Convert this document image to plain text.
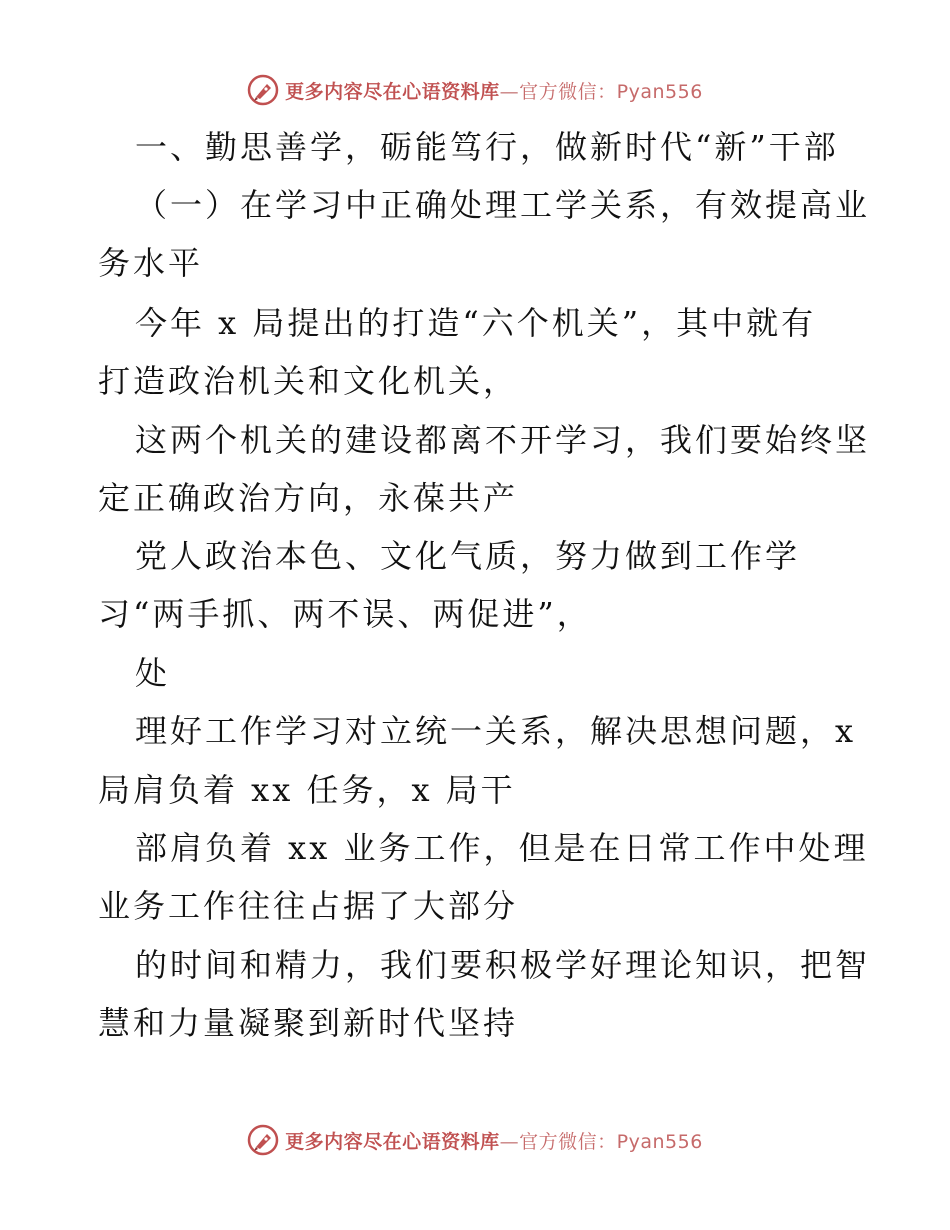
更多内容尽在心语资料库—官方微信：Pyan556
一、勤思善学，砺能笃行，做新时代“新”干部
（一）在学习中正确处理工学关系，有效提高业
务水平
今年 x 局提出的打造“六个机关”，其中就有
打造政治机关和文化机关，
这两个机关的建设都离不开学习，我们要始终坚
定正确政治方向，永葆共产
党人政治本色、文化气质，努力做到工作学
习“两手抓、两不误、两促进”，
处
理好工作学习对立统一关系，解决思想问题，x
局肩负着 xx 任务，x 局干
部肩负着 xx 业务工作，但是在日常工作中处理
业务工作往往占据了大部分
的时间和精力，我们要积极学好理论知识，把智
慧和力量凝聚到新时代坚持
更多内容尽在心语资料库—官方微信：Pyan556
